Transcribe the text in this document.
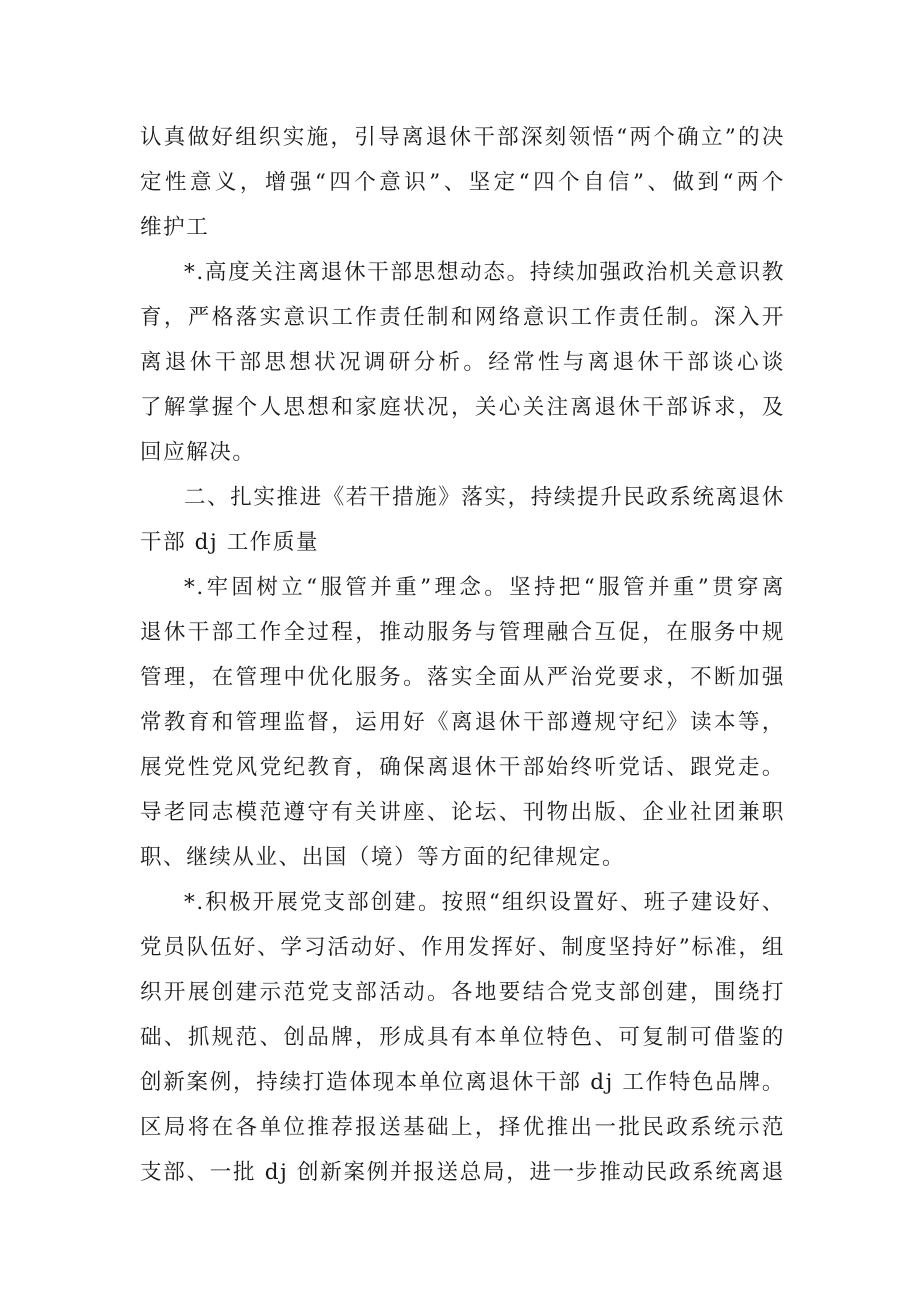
认真做好组织实施，引导离退休干部深刻领悟“两个确立”的决
定性意义，增强“四个意识”、坚定“四个自信”、做到“两个
维护工
*.高度关注离退休干部思想动态。持续加强政治机关意识教
育，严格落实意识工作责任制和网络意识工作责任制。深入开
离退休干部思想状况调研分析。经常性与离退休干部谈心谈
了解掌握个人思想和家庭状况，关心关注离退休干部诉求，及
回应解决。
二、扎实推进《若干措施》落实，持续提升民政系统离退休
干部 dj 工作质量
*.牢固树立“服管并重”理念。坚持把“服管并重”贯穿离
退休干部工作全过程，推动服务与管理融合互促，在服务中规
管理，在管理中优化服务。落实全面从严治党要求，不断加强
常教育和管理监督，运用好《离退休干部遵规守纪》读本等，
展党性党风党纪教育，确保离退休干部始终听党话、跟党走。
导老同志模范遵守有关讲座、论坛、刊物出版、企业社团兼职
职、继续从业、出国（境）等方面的纪律规定。
*.积极开展党支部创建。按照“组织设置好、班子建设好、
党员队伍好、学习活动好、作用发挥好、制度坚持好”标准，组
织开展创建示范党支部活动。各地要结合党支部创建，围绕打
础、抓规范、创品牌，形成具有本单位特色、可复制可借鉴的
创新案例，持续打造体现本单位离退休干部 dj 工作特色品牌。
区局将在各单位推荐报送基础上，择优推出一批民政系统示范
支部、一批 dj 创新案例并报送总局，进一步推动民政系统离退
